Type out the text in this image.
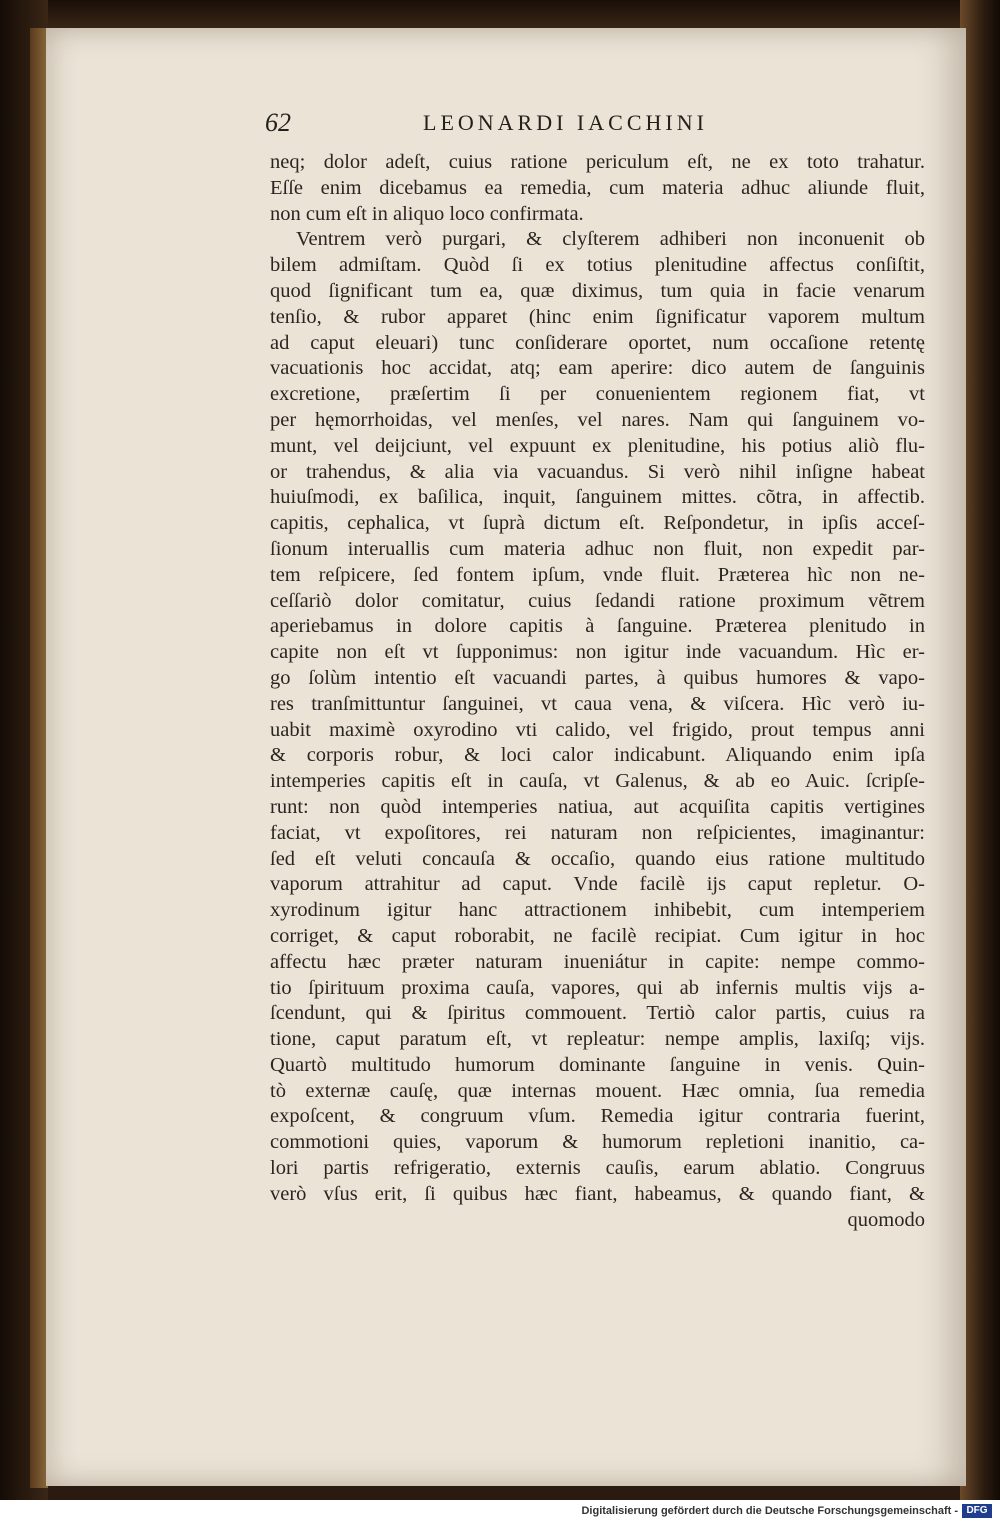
62	LEONARDI IACCHINI
neq; dolor adeſt, cuius ratione periculum eſt, ne ex toto trahatur.
Eſſe enim dicebamus ea remedia, cum materia adhuc aliunde fluit,
non cum eſt in aliquo loco confirmata.
Ventrem verò purgari, & clyſterem adhiberi non inconuenit ob
bilem admiſtam. Quòd ſi ex totius plenitudine affectus conſiſtit,
quod ſignificant tum ea, quæ diximus, tum quia in facie venarum
tenſio, & rubor apparet (hinc enim ſignificatur vaporem multum
ad caput eleuari) tunc conſiderare oportet, num occaſione retentę
vacuationis hoc accidat, atq; eam aperire: dico autem de ſanguinis
excretione, præſertim ſi per conuenientem regionem fiat, vt
per hęmorrhoidas, vel menſes, vel nares. Nam qui ſanguinem vo-
munt, vel deijciunt, vel expuunt ex plenitudine, his potius aliò flu-
or trahendus, & alia via vacuandus. Si verò nihil inſigne habeat
huiuſmodi, ex baſilica, inquit, ſanguinem mittes. cõtra, in affectib.
capitis, cephalica, vt ſuprà dictum eſt. Reſpondetur, in ipſis acceſ-
ſionum interuallis cum materia adhuc non fluit, non expedit par-
tem reſpicere, ſed fontem ipſum, vnde fluit. Præterea hìc non ne-
ceſſariò dolor comitatur, cuius ſedandi ratione proximum vẽtrem
aperiebamus in dolore capitis à ſanguine. Præterea plenitudo in
capite non eſt vt ſupponimus: non igitur inde vacuandum. Hìc er-
go ſolùm intentio eſt vacuandi partes, à quibus humores & vapo-
res tranſmittuntur ſanguinei, vt caua vena, & viſcera. Hìc verò iu-
uabit maximè oxyrodino vti calido, vel frigido, prout tempus anni
& corporis robur, & loci calor indicabunt. Aliquando enim ipſa
intemperies capitis eſt in cauſa, vt Galenus, & ab eo Auic. ſcripſe-
runt: non quòd intemperies natiua, aut acquiſita capitis vertigines
faciat, vt expoſitores, rei naturam non reſpicientes, imaginantur:
ſed eſt veluti concauſa & occaſio, quando eius ratione multitudo
vaporum attrahitur ad caput. Vnde facilè ijs caput repletur. O-
xyrodinum igitur hanc attractionem inhibebit, cum intemperiem
corriget, & caput roborabit, ne facilè recipiat. Cum igitur in hoc
affectu hæc præter naturam inueniátur in capite: nempe commo-
tio ſpirituum proxima cauſa, vapores, qui ab infernis multis vijs a-
ſcendunt, qui & ſpiritus commouent. Tertiò calor partis, cuius ra
tione, caput paratum eſt, vt repleatur: nempe amplis, laxiſq; vijs.
Quartò multitudo humorum dominante ſanguine in venis. Quin-
tò externæ cauſę, quæ internas mouent. Hæc omnia, ſua remedia
expoſcent, & congruum vſum. Remedia igitur contraria fuerint,
commotioni quies, vaporum & humorum repletioni inanitio, ca-
lori partis refrigeratio, externis cauſis, earum ablatio. Congruus
verò vſus erit, ſi quibus hæc fiant, habeamus, & quando fiant, &
quomodo
Digitalisierung gefördert durch die Deutsche Forschungsgemeinschaft - DFG
